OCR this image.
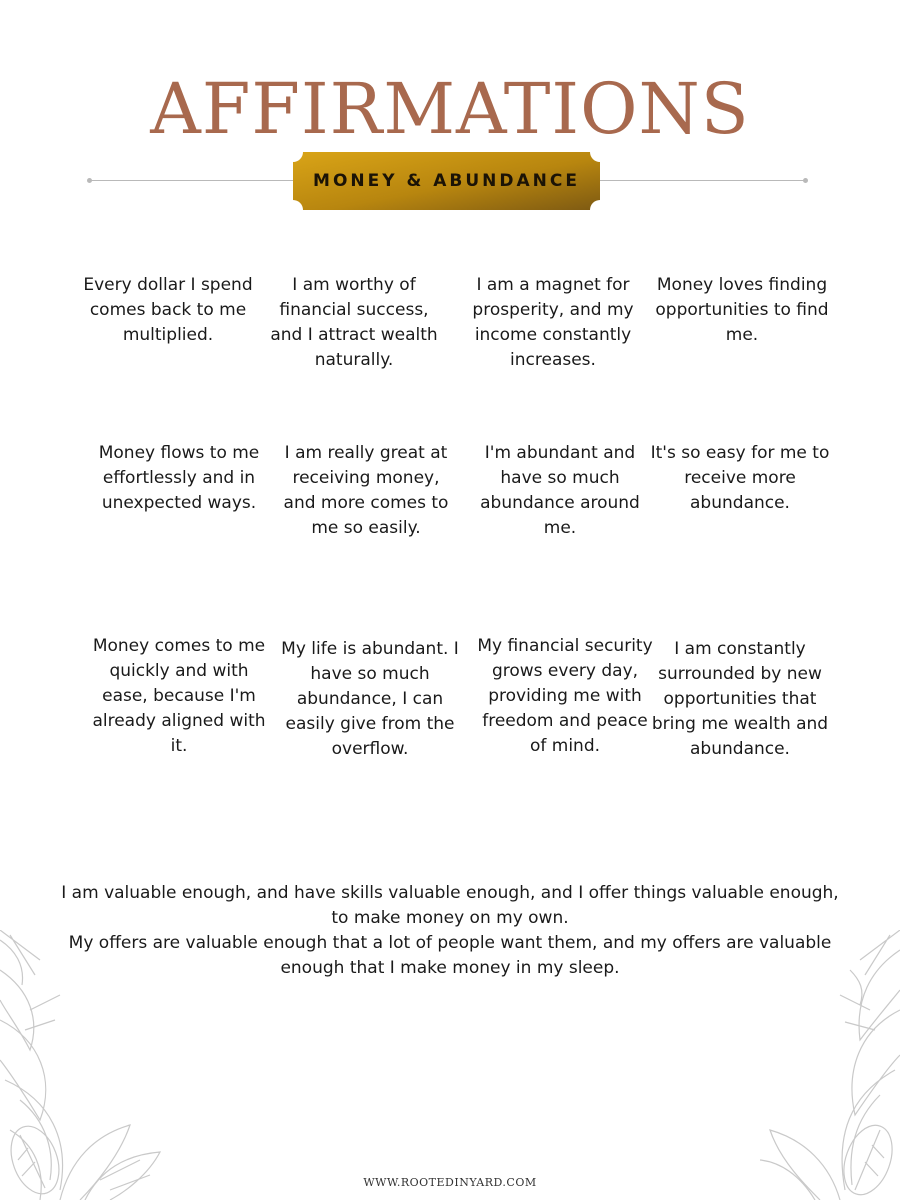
AFFIRMATIONS
MONEY & ABUNDANCE
Every dollar I spend comes back to me multiplied.
I am worthy of financial success, and I attract wealth naturally.
I am a magnet for prosperity, and my income constantly increases.
Money loves finding opportunities to find me.
Money flows to me effortlessly and in unexpected ways.
I am really great at receiving money, and more comes to me so easily.
I'm abundant and have so much abundance around me.
It's so easy for me to receive more abundance.
Money comes to me quickly and with ease, because I'm already aligned with it.
My life is abundant. I have so much abundance, I can easily give from the overflow.
My financial security grows every day, providing me with freedom and peace of mind.
I am constantly surrounded by new opportunities that bring me wealth and abundance.

I am valuable enough, and have skills valuable enough, and I offer things valuable enough, to make money on my own.

My offers are valuable enough that a lot of people want them, and my offers are valuable enough that I make money in my sleep.

WWW.ROOTEDINYARD.COM
